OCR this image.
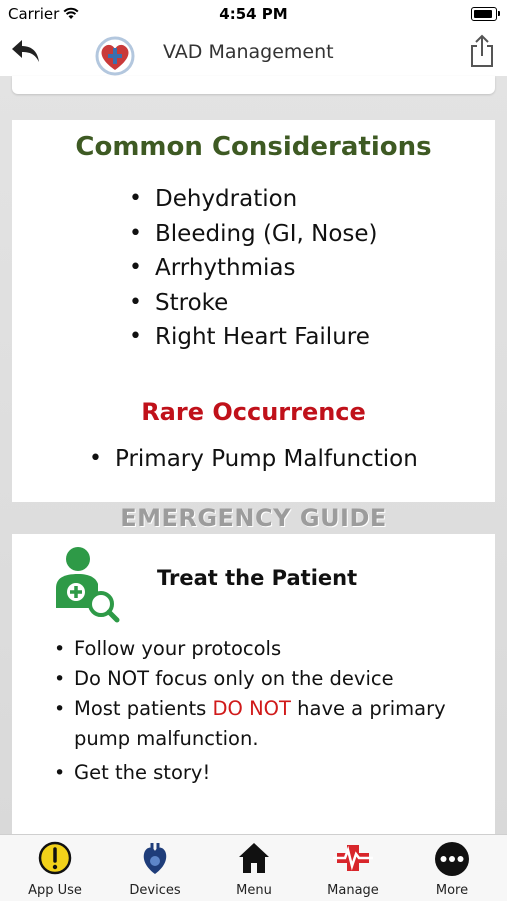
Carrier	4:54 PM
VAD Management
Common Considerations
• Dehydration
• Bleeding (GI, Nose)
• Arrhythmias
• Stroke
• Right Heart Failure
Rare Occurrence
• Primary Pump Malfunction
EMERGENCY GUIDE
Treat the Patient
• Follow your protocols
• Do NOT focus only on the device
• Most patients DO NOT have a primary pump malfunction.
• Get the story!
App Use	Devices	Menu	Manage	More
